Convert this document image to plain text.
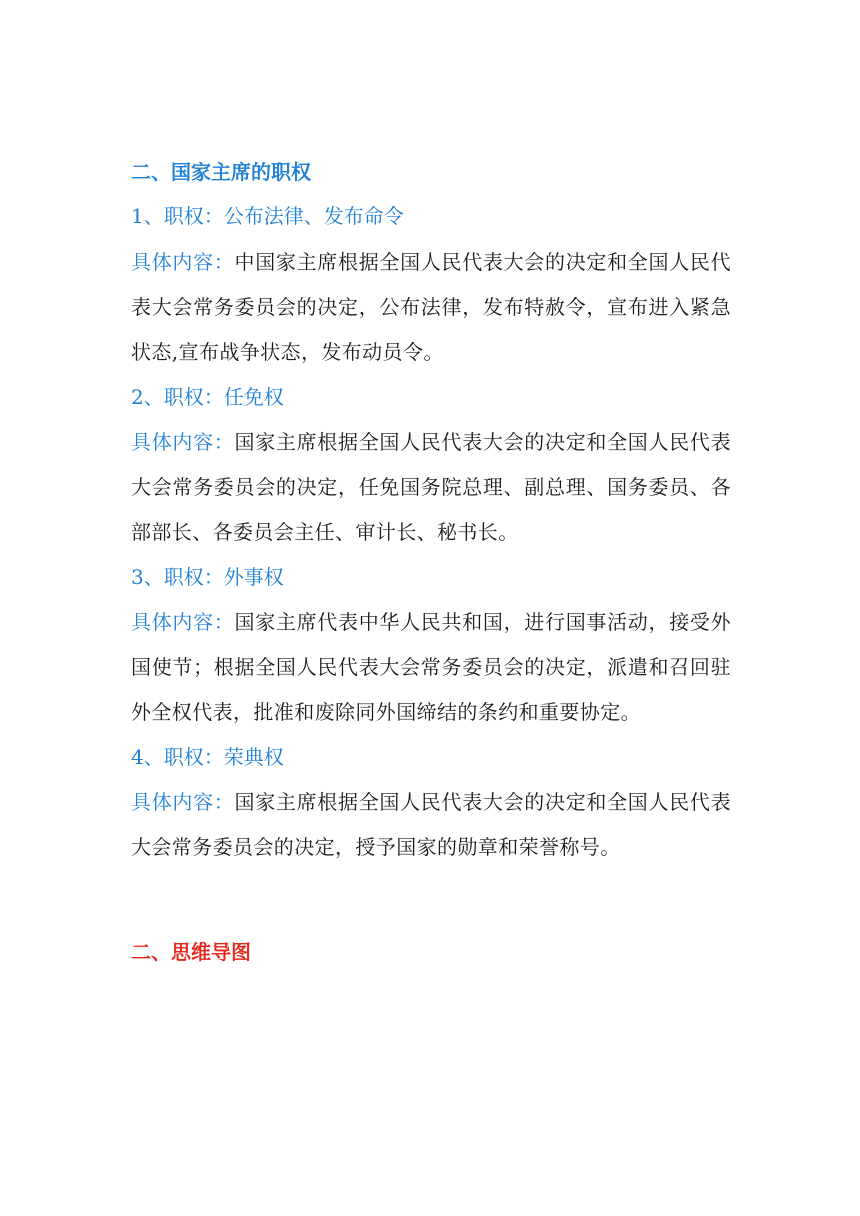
二、国家主席的职权
1、职权：公布法律、发布命令
具体内容：中国家主席根据全国人民代表大会的决定和全国人民代表大会常务委员会的决定，公布法律，发布特赦令，宣布进入紧急状态,宣布战争状态，发布动员令。
2、职权：任免权
具体内容：国家主席根据全国人民代表大会的决定和全国人民代表大会常务委员会的决定，任免国务院总理、副总理、国务委员、各部部长、各委员会主任、审计长、秘书长。
3、职权：外事权
具体内容：国家主席代表中华人民共和国，进行国事活动，接受外国使节；根据全国人民代表大会常务委员会的决定，派遣和召回驻外全权代表，批准和废除同外国缔结的条约和重要协定。
4、职权：荣典权
具体内容：国家主席根据全国人民代表大会的决定和全国人民代表大会常务委员会的决定，授予国家的勋章和荣誉称号。
二、思维导图
